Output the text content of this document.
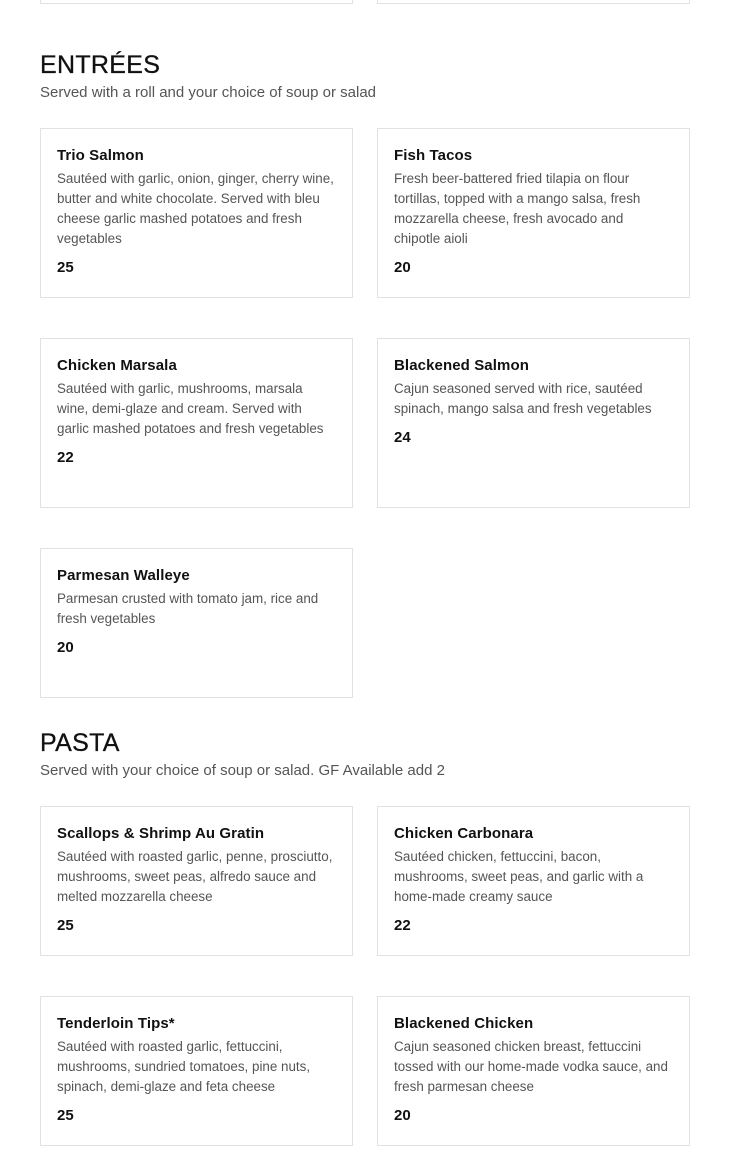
ENTRÉES

Served with a roll and your choice of soup or salad

Trio Salmon
Sautéed with garlic, onion, ginger, cherry wine, butter and white chocolate. Served with bleu cheese garlic mashed potatoes and fresh vegetables
25
Fish Tacos
Fresh beer-battered fried tilapia on flour tortillas, topped with a mango salsa, fresh mozzarella cheese, fresh avocado and chipotle aioli
20
Chicken Marsala
Sautéed with garlic, mushrooms, marsala wine, demi-glaze and cream. Served with garlic mashed potatoes and fresh vegetables
22
Blackened Salmon
Cajun seasoned served with rice, sautéed spinach, mango salsa and fresh vegetables
24
Parmesan Walleye
Parmesan crusted with tomato jam, rice and fresh vegetables
20
PASTA

Served with your choice of soup or salad. GF Available add 2

Scallops & Shrimp Au Gratin
Sautéed with roasted garlic, penne, prosciutto, mushrooms, sweet peas, alfredo sauce and melted mozzarella cheese
25
Chicken Carbonara
Sautéed chicken, fettuccini, bacon, mushrooms, sweet peas, and garlic with a home-made creamy sauce
22
Tenderloin Tips*
Sautéed with roasted garlic, fettuccini, mushrooms, sundried tomatoes, pine nuts, spinach, demi-glaze and feta cheese
25
Blackened Chicken
Cajun seasoned chicken breast, fettuccini tossed with our home-made vodka sauce, and fresh parmesan cheese
20
